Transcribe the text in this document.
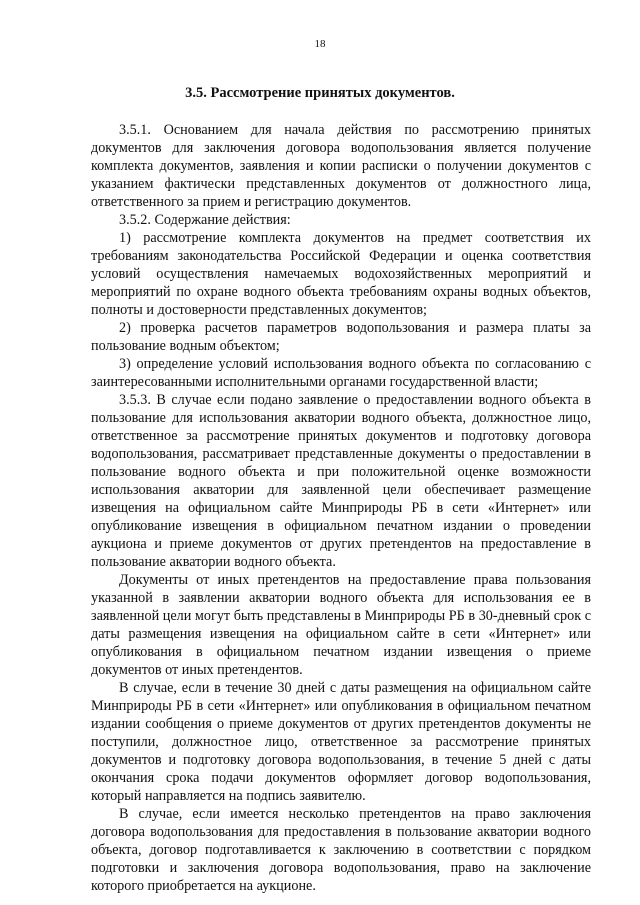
18
3.5. Рассмотрение принятых документов.

3.5.1. Основанием для начала действия по рассмотрению принятых документов для заключения договора водопользования является получение комплекта документов, заявления и копии расписки о получении документов с указанием фактически представленных документов от должностного лица, ответственного за прием и регистрацию документов.

3.5.2. Содержание действия:

1) рассмотрение комплекта документов на предмет соответствия их требованиям законодательства Российской Федерации и оценка соответствия условий осуществления намечаемых водохозяйственных мероприятий и мероприятий по охране водного объекта требованиям охраны водных объектов, полноты и достоверности представленных документов;

2) проверка расчетов параметров водопользования и размера платы за пользование водным объектом;

3) определение условий использования водного объекта по согласованию с заинтересованными исполнительными органами государственной власти;

3.5.3. В случае если подано заявление о предоставлении водного объекта в пользование для использования акватории водного объекта, должностное лицо, ответственное за рассмотрение принятых документов и подготовку договора водопользования, рассматривает представленные документы о предоставлении в пользование водного объекта и при положительной оценке возможности использования акватории для заявленной цели обеспечивает размещение извещения на официальном сайте Минприроды РБ в сети «Интернет» или опубликование извещения в официальном печатном издании о проведении аукциона и приеме документов от других претендентов на предоставление в пользование акватории водного объекта.

Документы от иных претендентов на предоставление права пользования указанной в заявлении акватории водного объекта для использования ее в заявленной цели могут быть представлены в Минприроды РБ в 30-дневный срок с даты размещения извещения на официальном сайте в сети «Интернет» или опубликования в официальном печатном издании извещения о приеме документов от иных претендентов.

В случае, если в течение 30 дней с даты размещения на официальном сайте Минприроды РБ в сети «Интернет» или опубликования в официальном печатном издании сообщения о приеме документов от других претендентов документы не поступили, должностное лицо, ответственное за рассмотрение принятых документов и подготовку договора водопользования, в течение 5 дней с даты окончания срока подачи документов оформляет договор водопользования, который направляется на подпись заявителю.

В случае, если имеется несколько претендентов на право заключения договора водопользования для предоставления в пользование акватории водного объекта, договор подготавливается к заключению в соответствии с порядком подготовки и заключения договора водопользования, право на заключение которого приобретается на аукционе.
